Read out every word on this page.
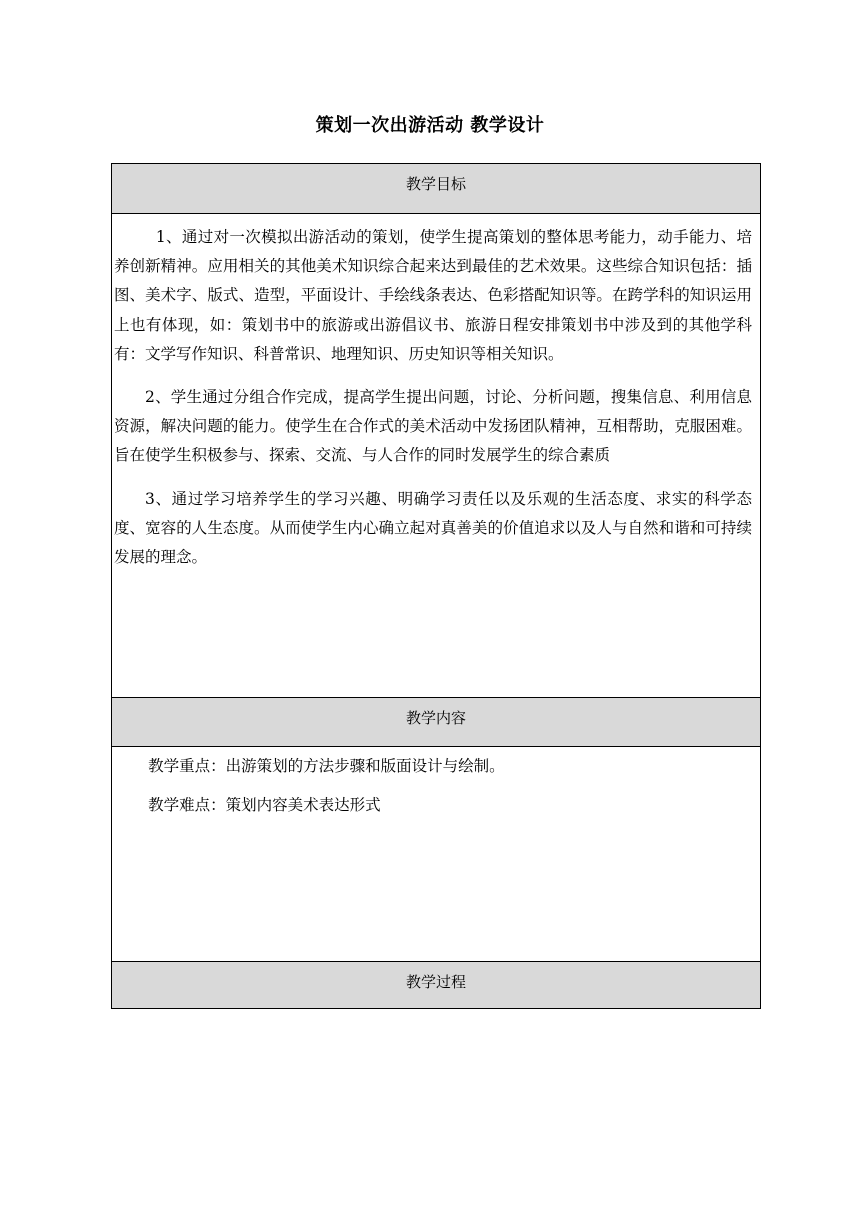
策划一次出游活动 教学设计
教学目标

1、通过对一次模拟出游活动的策划，使学生提高策划的整体思考能力，动手能力、培养创新精神。应用相关的其他美术知识综合起来达到最佳的艺术效果。这些综合知识包括：插图、美术字、版式、造型，平面设计、手绘线条表达、色彩搭配知识等。在跨学科的知识运用上也有体现，如：策划书中的旅游或出游倡议书、旅游日程安排策划书中涉及到的其他学科有：文学写作知识、科普常识、地理知识、历史知识等相关知识。

2、学生通过分组合作完成，提高学生提出问题，讨论、分析问题，搜集信息、利用信息资源，解决问题的能力。使学生在合作式的美术活动中发扬团队精神，互相帮助，克服困难。旨在使学生积极参与、探索、交流、与人合作的同时发展学生的综合素质

3、通过学习培养学生的学习兴趣、明确学习责任以及乐观的生活态度、求实的科学态度、宽容的人生态度。从而使学生内心确立起对真善美的价值追求以及人与自然和谐和可持续发展的理念。

教学内容

教学重点：出游策划的方法步骤和版面设计与绘制。

教学难点：策划内容美术表达形式

教学过程
